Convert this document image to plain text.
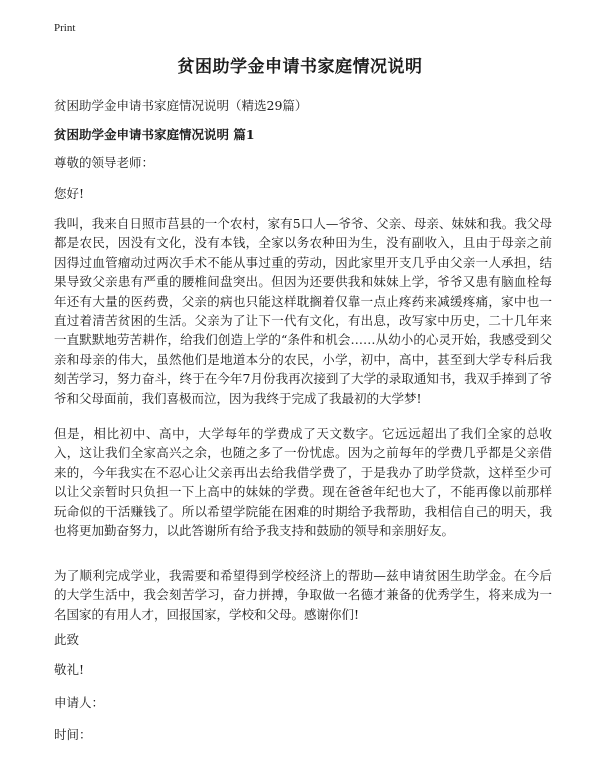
Print
贫困助学金申请书家庭情况说明

贫困助学金申请书家庭情况说明（精选29篇）

贫困助学金申请书家庭情况说明 篇1

尊敬的领导老师：

您好!

我叫，我来自日照市莒县的一个农村，家有5口人—爷爷、父亲、母亲、妹妹和我。我父母都是农民，因没有文化，没有本钱，全家以务农种田为生，没有副收入，且由于母亲之前因得过血管瘤动过两次手术不能从事过重的劳动，因此家里开支几乎由父亲一人承担，结果导致父亲患有严重的腰椎间盘突出。但因为还要供我和妹妹上学，爷爷又患有脑血栓每年还有大量的医药费，父亲的病也只能这样耽搁着仅靠一点止疼药来减缓疼痛，家中也一直过着清苦贫困的生活。父亲为了让下一代有文化，有出息，改写家中历史，二十几年来一直默默地劳苦耕作，给我们创造上学的“条件和机会……从幼小的心灵开始，我感受到父亲和母亲的伟大，虽然他们是地道本分的农民，小学，初中，高中，甚至到大学专科后我刻苦学习，努力奋斗，终于在今年7月份我再次接到了大学的录取通知书，我双手捧到了爷爷和父母面前，我们喜极而泣，因为我终于完成了我最初的大学梦!

但是，相比初中、高中，大学每年的学费成了天文数字。它远远超出了我们全家的总收入，这让我们全家高兴之余，也随之多了一份忧虑。因为之前每年的学费几乎都是父亲借来的，今年我实在不忍心让父亲再出去给我借学费了，于是我办了助学贷款，这样至少可以让父亲暂时只负担一下上高中的妹妹的学费。现在爸爸年纪也大了，不能再像以前那样玩命似的干活赚钱了。所以希望学院能在困难的时期给予我帮助，我相信自己的明天，我也将更加勤奋努力，以此答谢所有给予我支持和鼓励的领导和亲朋好友。

为了顺利完成学业，我需要和希望得到学校经济上的帮助—兹申请贫困生助学金。在今后的大学生活中，我会刻苦学习，奋力拼搏，争取做一名德才兼备的优秀学生，将来成为一名国家的有用人才，回报国家，学校和父母。感谢你们!

此致

敬礼!

申请人：

时间：
